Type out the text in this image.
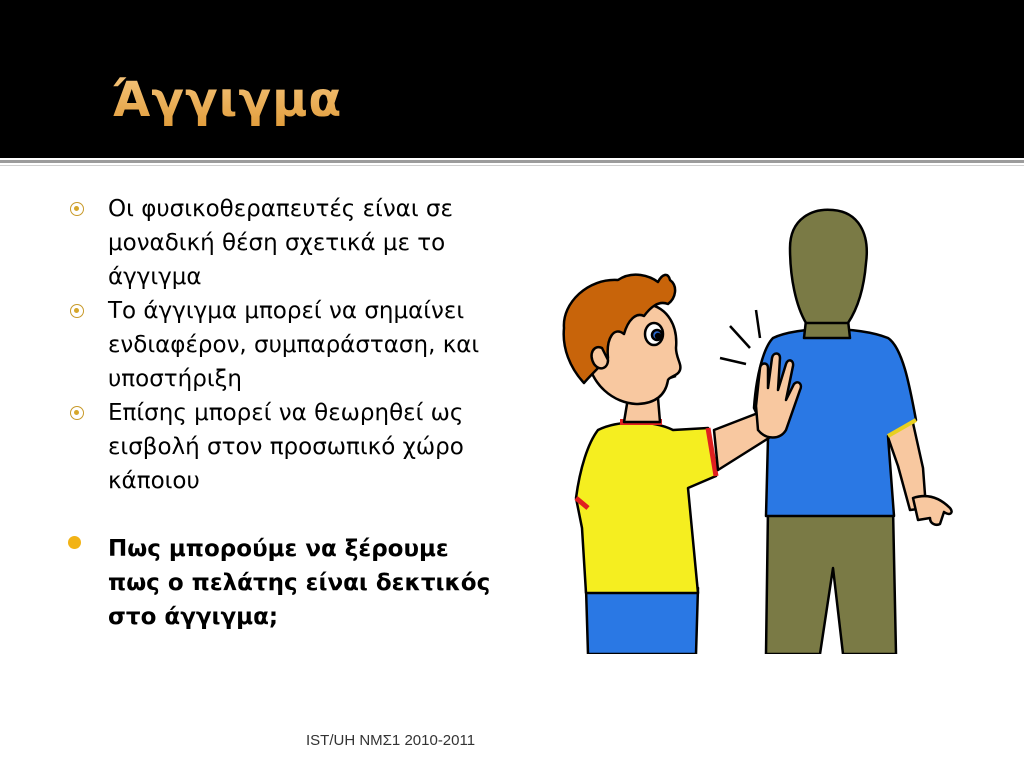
Άγγιγμα
Οι φυσικοθεραπευτές είναι σε μοναδική θέση σχετικά με το άγγιγμα
Το άγγιγμα μπορεί να σημαίνει ενδιαφέρον, συμπαράσταση, και υποστήριξη
Επίσης μπορεί να θεωρηθεί ως εισβολή στον προσωπικό χώρο κάποιου
Πως μπορούμε να ξέρουμε πως ο πελάτης είναι δεκτικός στο άγγιγμα;
IST/UH ΝΜΣ1 2010-2011
